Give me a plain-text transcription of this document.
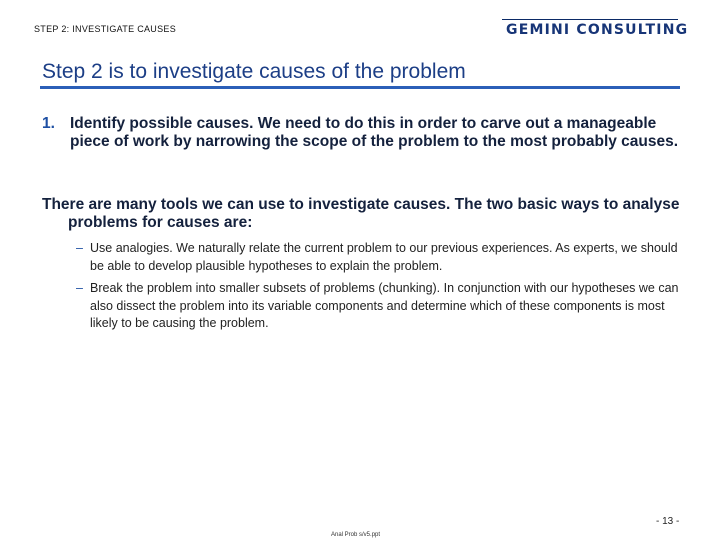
STEP 2: INVESTIGATE CAUSES	GEMINI CONSULTING
Step 2 is to investigate causes of the problem
1. Identify possible causes. We need to do this in order to carve out a manageable piece of work by narrowing the scope of the problem to the most probably causes.
There are many tools we can use to investigate causes. The two basic ways to analyse problems for causes are:
– Use analogies. We naturally relate the current problem to our previous experiences. As experts, we should be able to develop plausible hypotheses to explain the problem.
– Break the problem into smaller subsets of problems (chunking). In conjunction with our hypotheses we can also dissect the problem into its variable components and determine which of these components is most likely to be causing the problem.
- 13 -
Anal Prob s/v5.ppt
